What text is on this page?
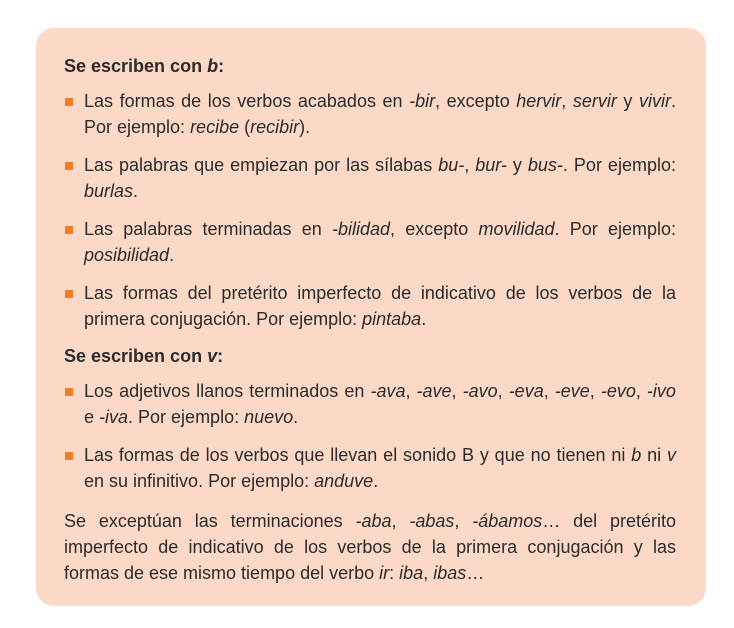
Se escriben con b:
Las formas de los verbos acabados en -bir, excepto hervir, servir y vivir. Por ejemplo: recibe (recibir).
Las palabras que empiezan por las sílabas bu-, bur- y bus-. Por ejemplo: burlas.
Las palabras terminadas en -bilidad, excepto movilidad. Por ejemplo: posibilidad.
Las formas del pretérito imperfecto de indicativo de los verbos de la primera conjugación. Por ejemplo: pintaba.
Se escriben con v:
Los adjetivos llanos terminados en -ava, -ave, -avo, -eva, -eve, -evo, -ivo e -iva. Por ejemplo: nuevo.
Las formas de los verbos que llevan el sonido B y que no tienen ni b ni v en su infinitivo. Por ejemplo: anduve.
Se exceptúan las terminaciones -aba, -abas, -ábamos… del pretérito imperfecto de indicativo de los verbos de la primera conjugación y las formas de ese mismo tiempo del verbo ir: iba, ibas…
